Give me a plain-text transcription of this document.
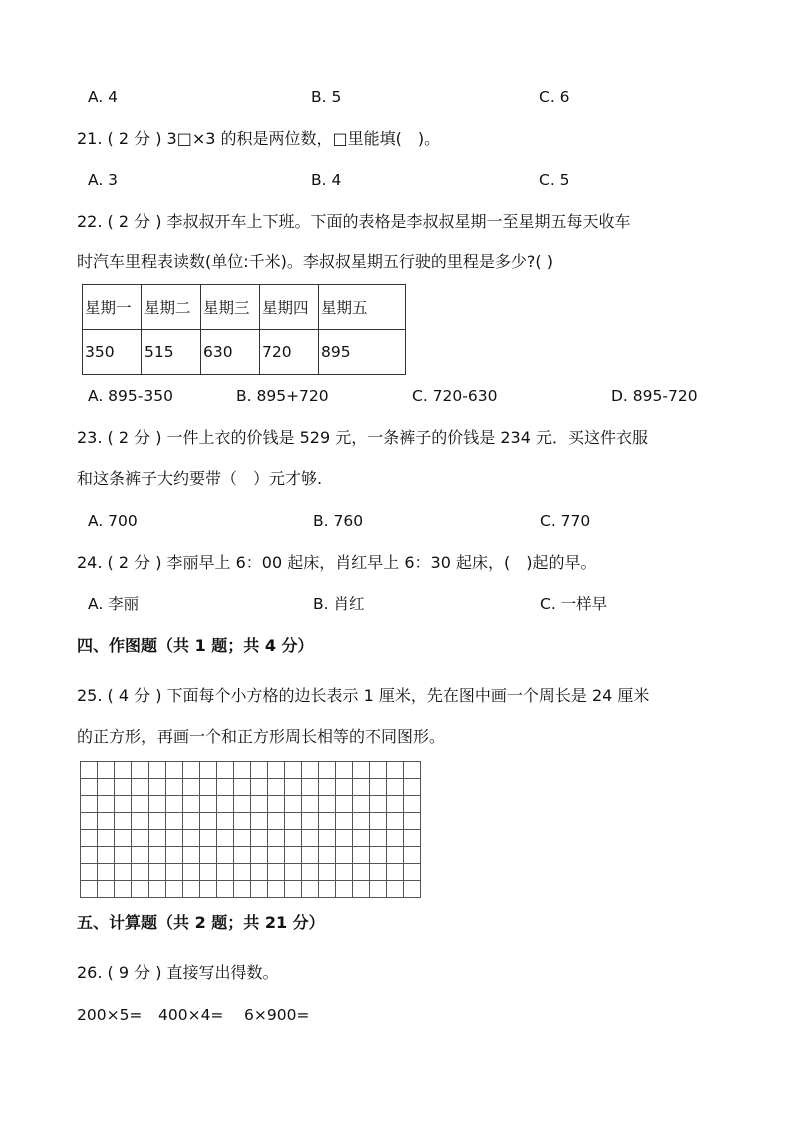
A. 4	B. 5	C. 6
21. ( 2 分 ) 3□×3 的积是两位数，□里能填(　)。
A. 3	B. 4	C. 5
22. ( 2 分 ) 李叔叔开车上下班。下面的表格是李叔叔星期一至星期五每天收车
时汽车里程表读数(单位:千米)。李叔叔星期五行驶的里程是多少?( )
星期一	星期二	星期三	星期四	星期五
350	515	630	720	895
A. 895-350	B. 895+720	C. 720-630	D. 895-720
23. ( 2 分 ) 一件上衣的价钱是 529 元，一条裤子的价钱是 234 元．买这件衣服
和这条裤子大约要带（　）元才够.
A. 700	B. 760	C. 770
24. ( 2 分 ) 李丽早上 6：00 起床，肖红早上 6：30 起床，(　)起的早。
A. 李丽	B. 肖红	C. 一样早
四、作图题（共 1 题；共 4 分）
25. ( 4 分 ) 下面每个小方格的边长表示 1 厘米，先在图中画一个周长是 24 厘米
的正方形，再画一个和正方形周长相等的不同图形。
五、计算题（共 2 题；共 21 分）
26. ( 9 分 ) 直接写出得数。
200×5= 400×4= 6×900=
